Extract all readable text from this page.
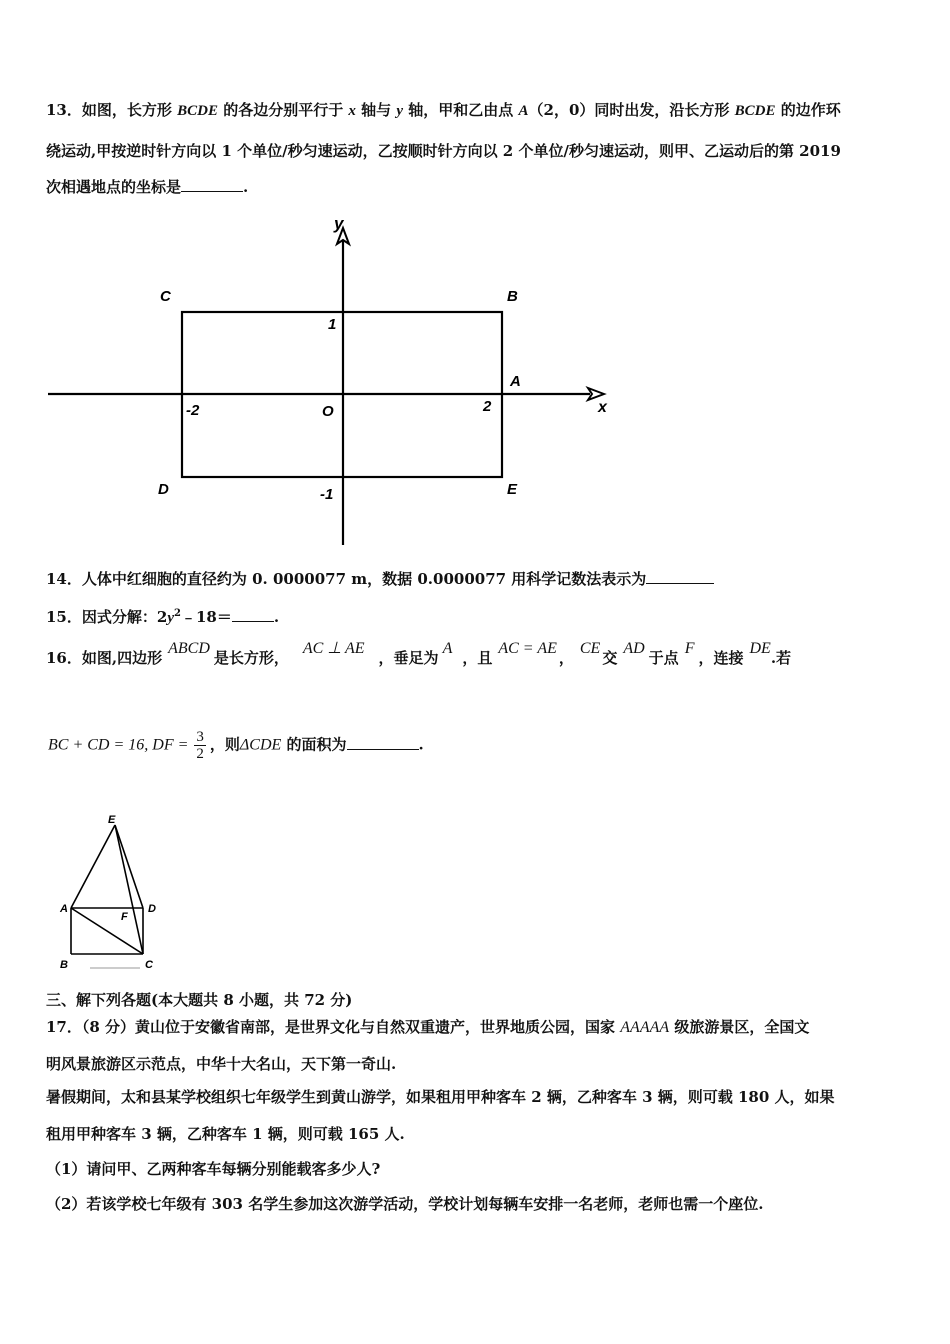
13．如图，长方形 BCDE 的各边分别平行于 x 轴与 y 轴，甲和乙由点 A（2，0）同时出发，沿长方形 BCDE 的边作环
绕运动,甲按逆时针方向以 1 个单位/秒匀速运动，乙按顺时针方向以 2 个单位/秒匀速运动，则甲、乙运动后的第 2019
次相遇地点的坐标是	.
y
x
C	B
A
D	E
O
1
-1
2
-2
14．人体中红细胞的直径约为 0. 0000077 m，数据 0.0000077 用科学记数法表示为
15．因式分解：$2y^2﹣18=$	.
16．如图,四边形ABCD是长方形，AC ⊥ AE，垂足为A，且AC = AE，CE交AD于点F，连接DE.若
BC + CD = 16, DF = $\frac{3}{2}$ ，则ΔCDE 的面积为	.
E
A	D
F
B	C
三、解下列各题(本大题共 8 小题，共 72 分)
17．（8 分）黄山位于安徽省南部，是世界文化与自然双重遗产，世界地质公园，国家 AAAAA 级旅游景区，全国文
明风景旅游区示范点，中华十大名山，天下第一奇山.
暑假期间，太和县某学校组织七年级学生到黄山游学，如果租用甲种客车 2 辆，乙种客车 3 辆，则可载 180 人，如果
租用甲种客车 3 辆，乙种客车 1 辆，则可载 165 人.
（1）请问甲、乙两种客车每辆分别能载客多少人?
（2）若该学校七年级有 303 名学生参加这次游学活动，学校计划每辆车安排一名老师，老师也需一个座位.
